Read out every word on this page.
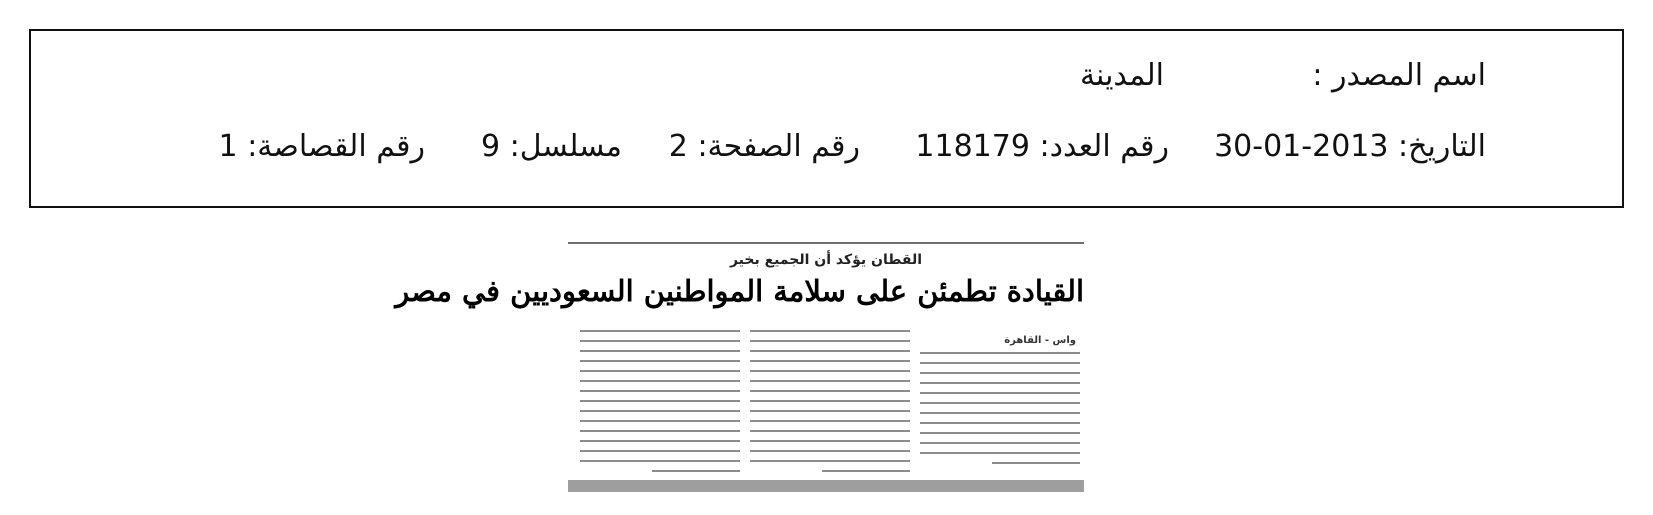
اسم المصدر :
المدينة
التاريخ: 2013-01-30
رقم العدد: 118179
رقم الصفحة: 2
مسلسل: 9
رقم القصاصة: 1
القطان يؤكد أن الجميع بخير
القيادة تطمئن على سلامة المواطنين السعوديين في مصر
واس - القاهرة
